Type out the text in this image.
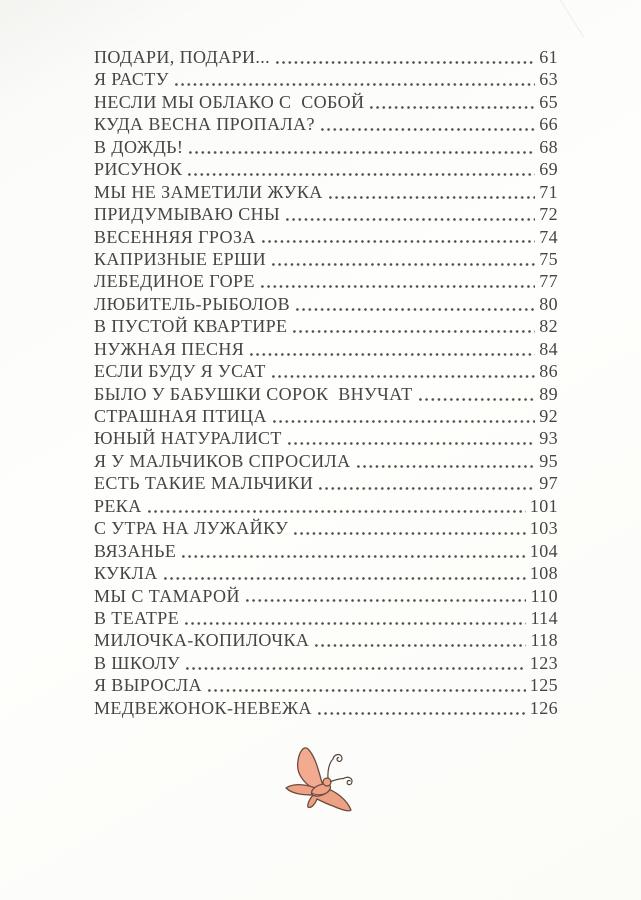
ПОДАРИ, ПОДАРИ...	61
Я РАСТУ	63
НЕСЛИ МЫ ОБЛАКО С  СОБОЙ	65
КУДА ВЕСНА ПРОПАЛА?	66
В ДОЖДЬ!	68
РИСУНОК	69
МЫ НЕ ЗАМЕТИЛИ ЖУКА	71
ПРИДУМЫВАЮ СНЫ	72
ВЕСЕННЯЯ ГРОЗА	74
КАПРИЗНЫЕ ЕРШИ	75
ЛЕБЕДИНОЕ ГОРЕ	77
ЛЮБИТЕЛЬ-РЫБОЛОВ	80
В ПУСТОЙ КВАРТИРЕ	82
НУЖНАЯ ПЕСНЯ	84
ЕСЛИ БУДУ Я УСАТ	86
БЫЛО У БАБУШКИ СОРОК  ВНУЧАТ	89
СТРАШНАЯ ПТИЦА	92
ЮНЫЙ НАТУРАЛИСТ	93
Я У МАЛЬЧИКОВ СПРОСИЛА	95
ЕСТЬ ТАКИЕ МАЛЬЧИКИ	97
РЕКА	101
С УТРА НА ЛУЖАЙКУ	103
ВЯЗАНЬЕ	104
КУКЛА	108
МЫ С ТАМАРОЙ	110
В ТЕАТРЕ	114
МИЛОЧКА-КОПИЛОЧКА	118
В ШКОЛУ	123
Я ВЫРОСЛА	125
МЕДВЕЖОНОК-НЕВЕЖА	126
